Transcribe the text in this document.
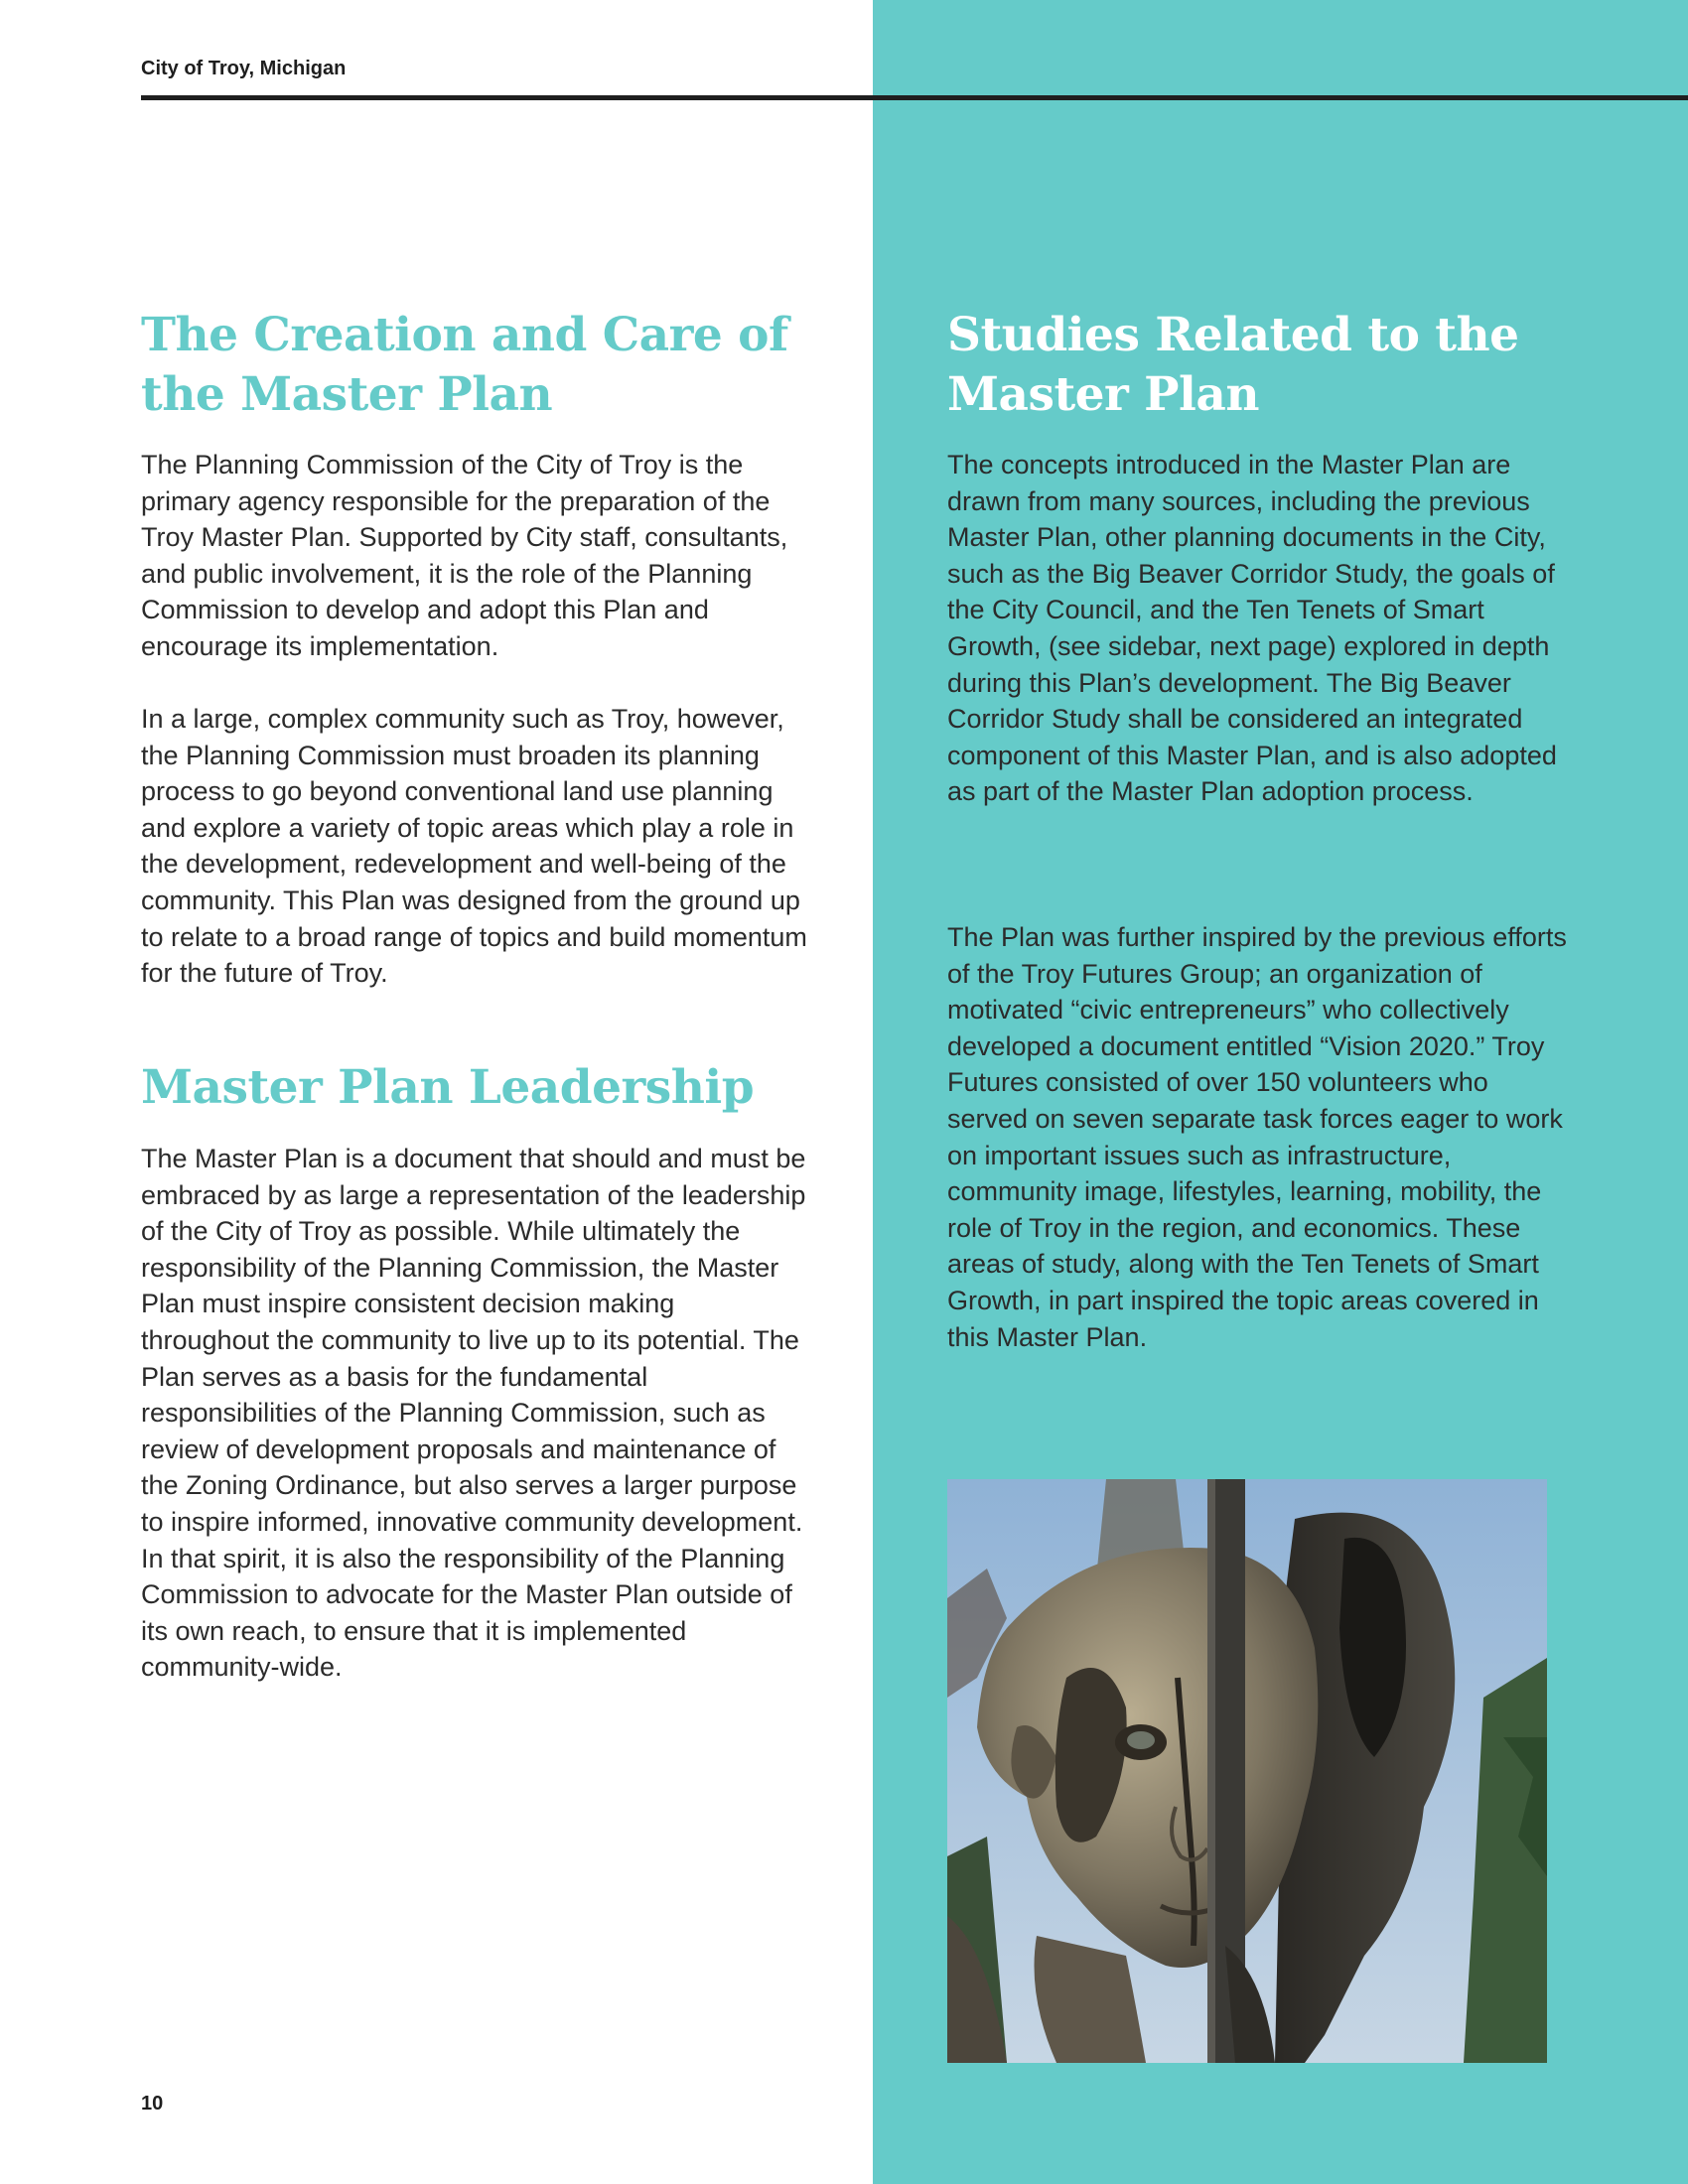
City of Troy, Michigan
The Creation and Care of the Master Plan

The Planning Commission of the City of Troy is the primary agency responsible for the preparation of the Troy Master Plan. Supported by City staff, consultants, and public involvement, it is the role of the Planning Commission to develop and adopt this Plan and encourage its implementation.

In a large, complex community such as Troy, however, the Planning Commission must broaden its planning process to go beyond conventional land use planning and explore a variety of topic areas which play a role in the development, redevelopment and well-being of the community. This Plan was designed from the ground up to relate to a broad range of topics and build momentum for the future of Troy.

Master Plan Leadership

The Master Plan is a document that should and must be embraced by as large a representation of the leadership of the City of Troy as possible. While ultimately the responsibility of the Planning Commission, the Master Plan must inspire consistent decision making throughout the community to live up to its potential. The Plan serves as a basis for the fundamental responsibilities of the Planning Commission, such as review of development proposals and maintenance of the Zoning Ordinance, but also serves a larger purpose to inspire informed, innovative community development. In that spirit, it is also the responsibility of the Planning Commission to advocate for the Master Plan outside of its own reach, to ensure that it is implemented community-wide.

Studies Related to the Master Plan

The concepts introduced in the Master Plan are drawn from many sources, including the previous Master Plan, other planning documents in the City, such as the Big Beaver Corridor Study, the goals of the City Council, and the Ten Tenets of Smart Growth, (see sidebar, next page) explored in depth during this Plan’s development. The Big Beaver Corridor Study shall be considered an integrated component of this Master Plan, and is also adopted as part of the Master Plan adoption process.

The Plan was further inspired by the previous efforts of the Troy Futures Group; an organization of motivated “civic entrepreneurs” who collectively developed a document entitled “Vision 2020.” Troy Futures consisted of over 150 volunteers who served on seven separate task forces eager to work on important issues such as infrastructure, community image, lifestyles, learning, mobility, the role of Troy in the region, and economics. These areas of study, along with the Ten Tenets of Smart Growth, in part inspired the topic areas covered in this Master Plan.

10
